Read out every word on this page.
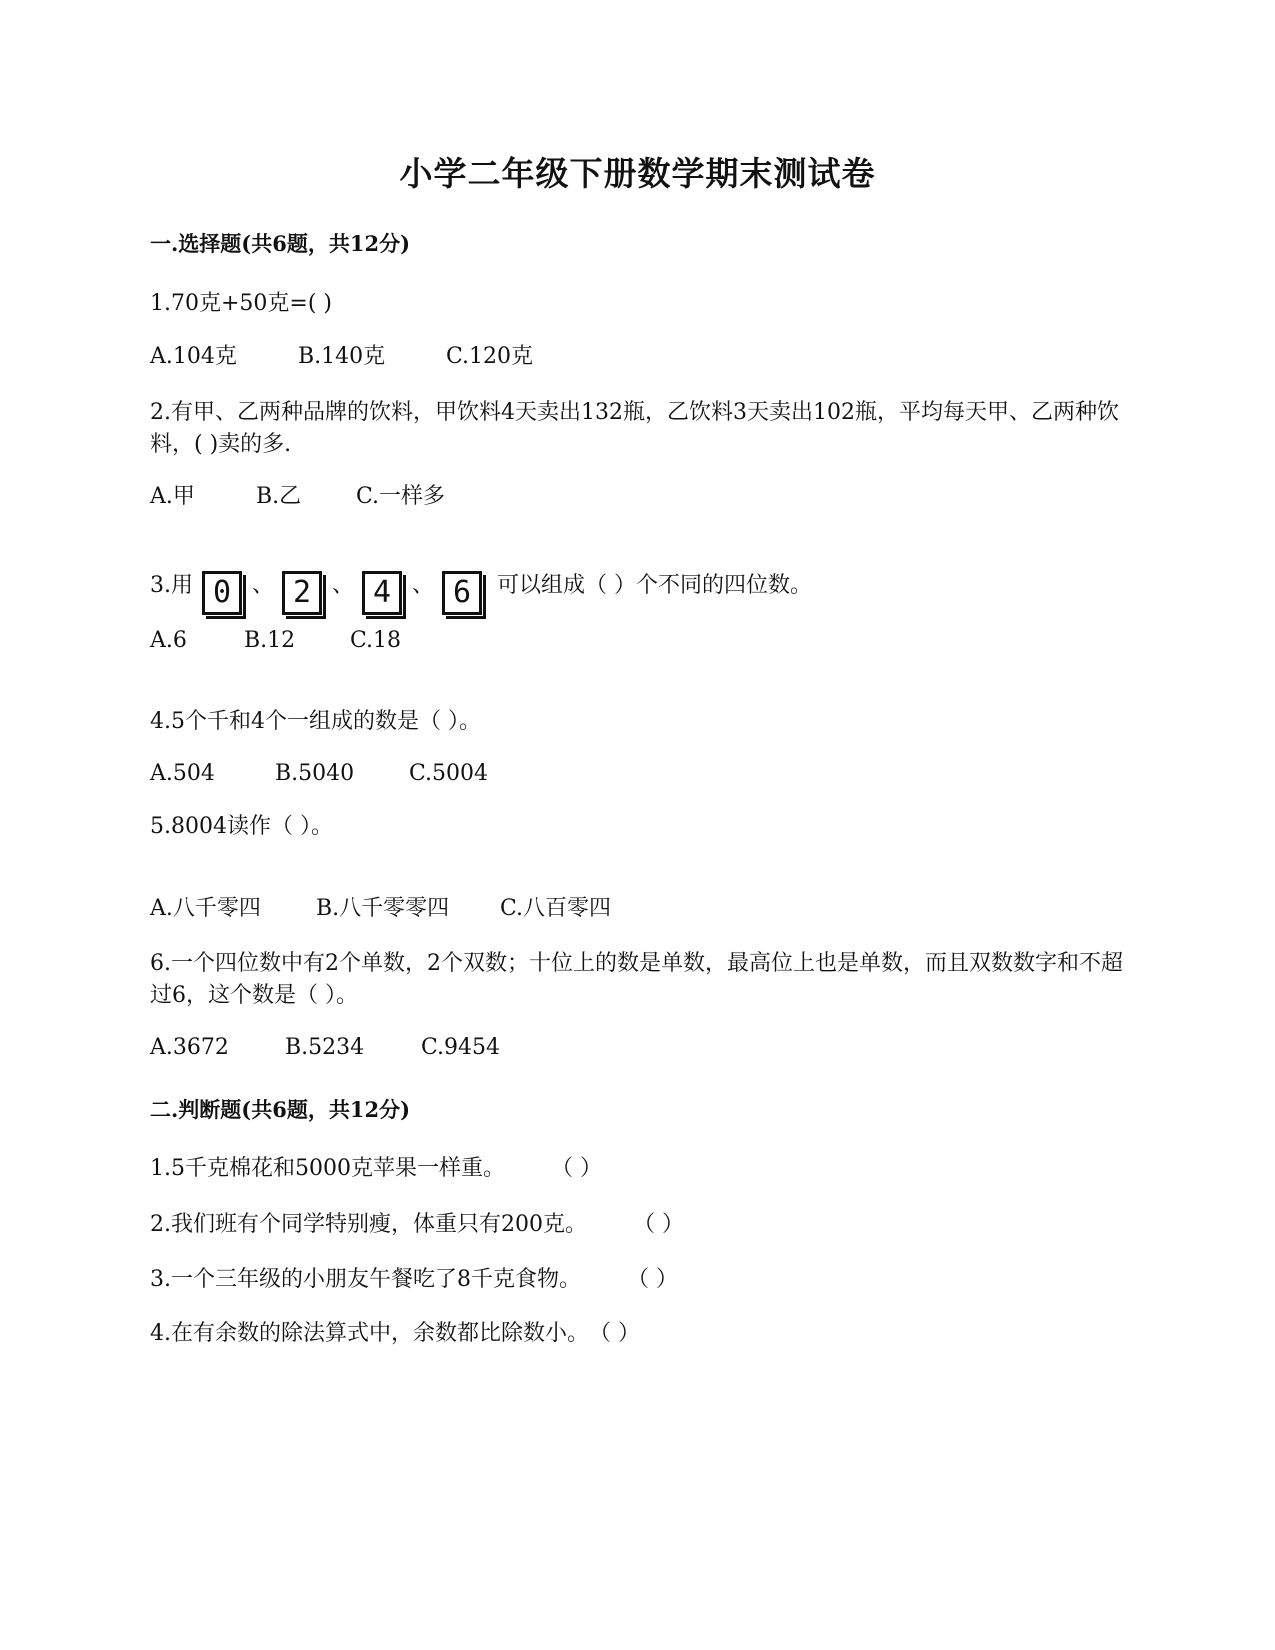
小学二年级下册数学期末测试卷
一.选择题(共6题，共12分)
1.70克+50克=( )
A.104克	B.140克	C.120克
2.有甲、乙两种品牌的饮料，甲饮料4天卖出132瓶，乙饮料3天卖出102瓶，平均每天甲、乙两种饮料，( )卖的多.
A.甲	B.乙 C.一样多
3.用 0 、 2 、 4 、 6 可以组成（ ）个不同的四位数。
A.6	B.12 C.18
4.5个千和4个一组成的数是（ ）。
A.504	B.5040 C.5004
5.8004读作（ ）。
A.八千零四	B.八千零零四 C.八百零四
6.一个四位数中有2个单数，2个双数；十位上的数是单数，最高位上也是单数，而且双数数字和不超过6，这个数是（ ）。
A.3672	B.5234	C.9454
二.判断题(共6题，共12分)
1.5千克棉花和5000克苹果一样重。 （ ）
2.我们班有个同学特别瘦，体重只有200克。 （ ）
3.一个三年级的小朋友午餐吃了8千克食物。 （ ）
4.在有余数的除法算式中，余数都比除数小。（ ）
